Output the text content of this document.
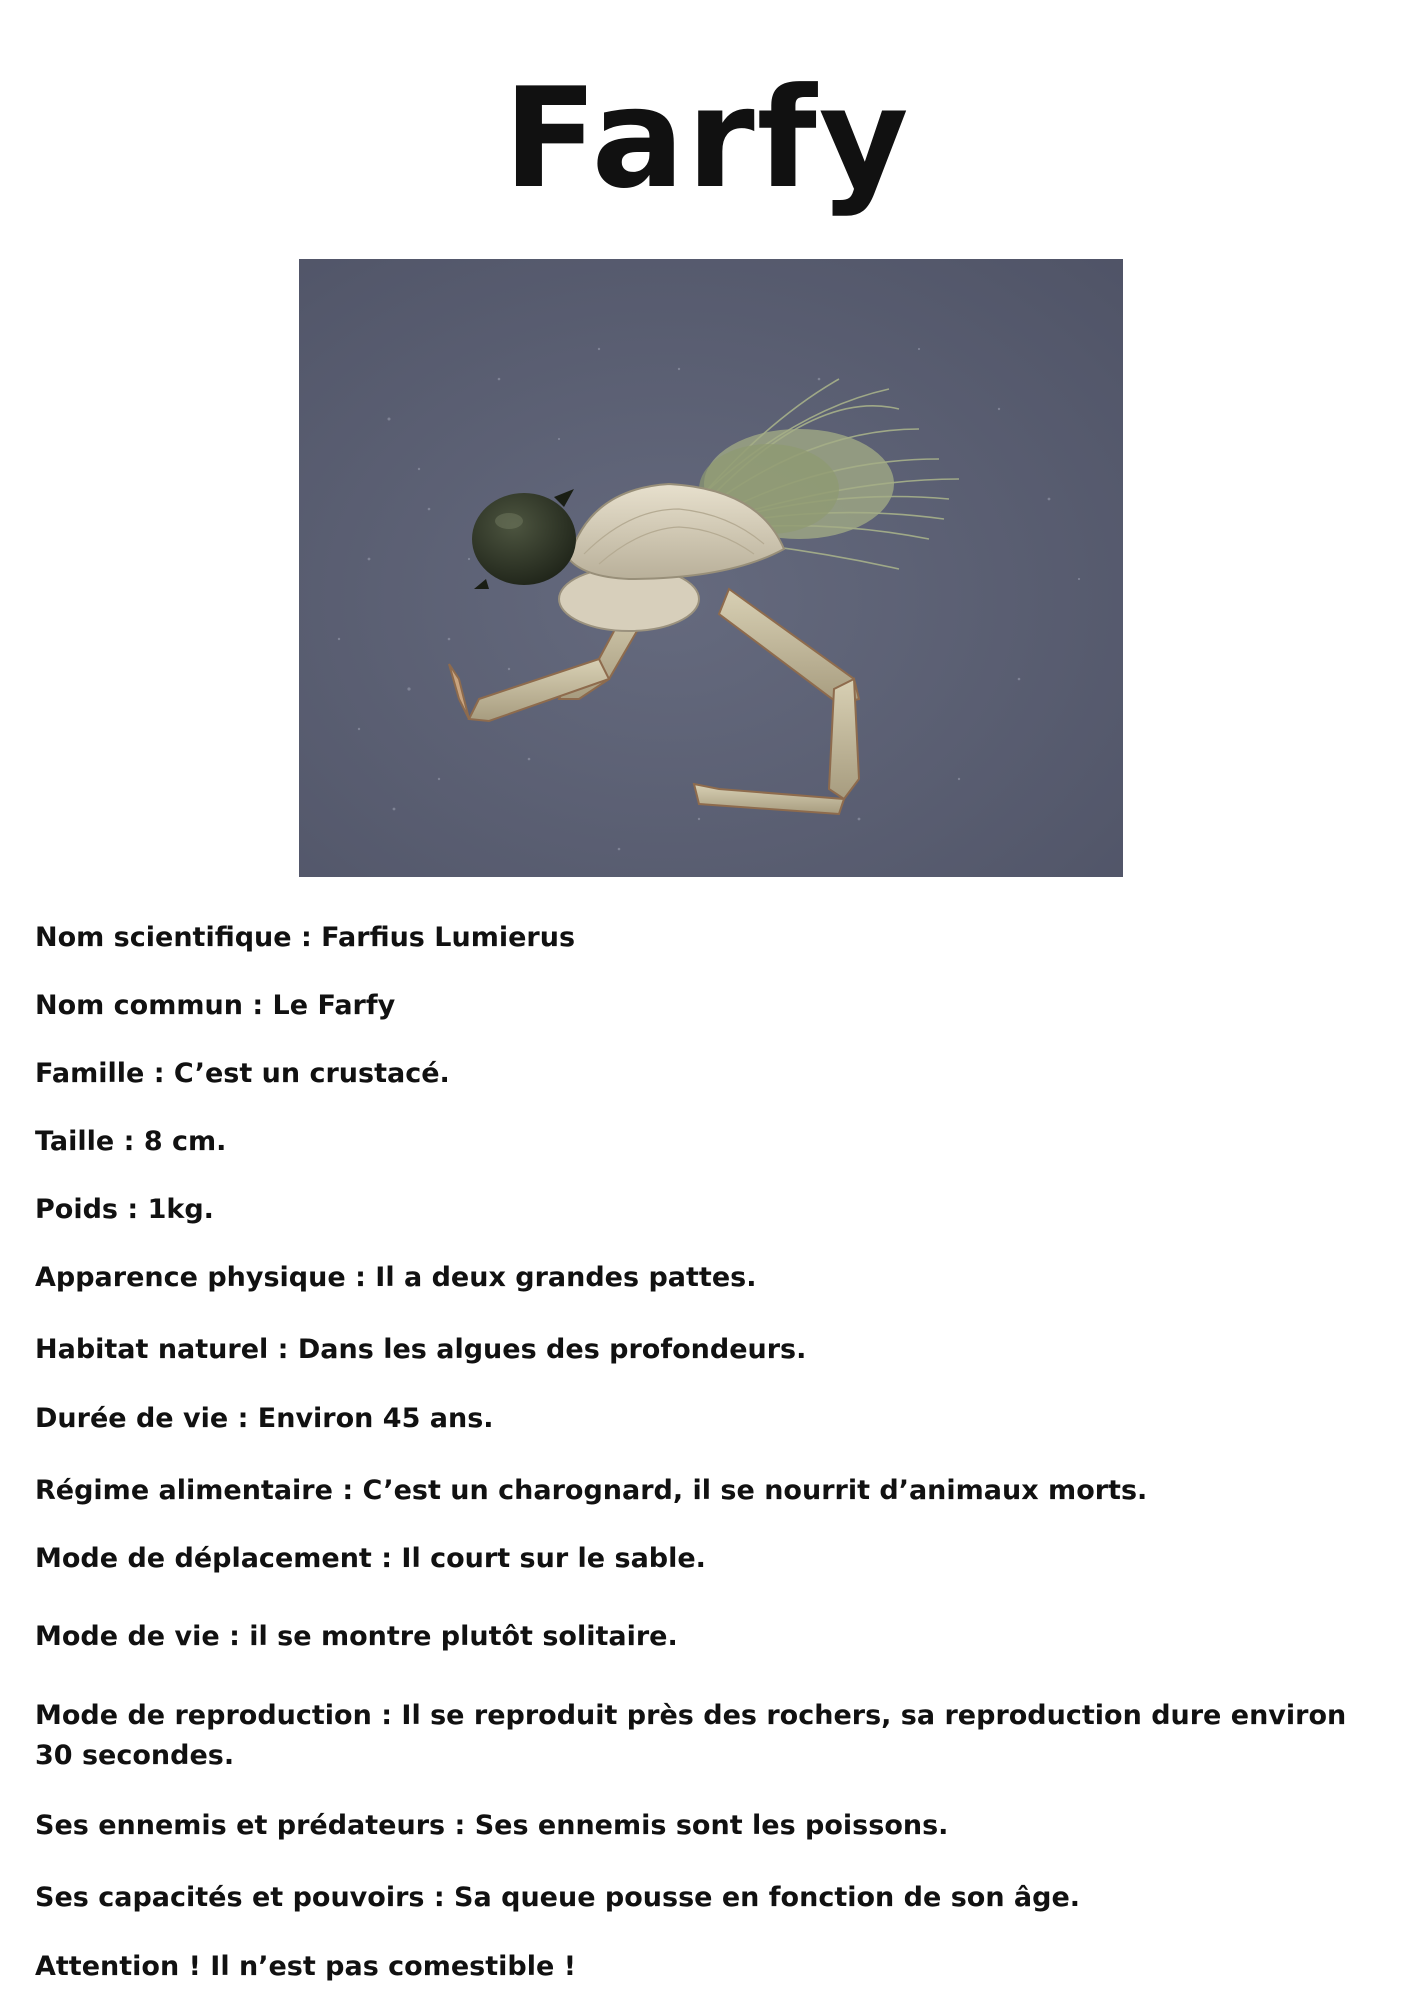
Farfy
Nom scientifique : Farfius Lumierus
Nom commun : Le Farfy
Famille : C’est un crustacé.
Taille : 8 cm.
Poids : 1kg.
Apparence physique : Il a deux grandes pattes.
Habitat naturel : Dans les algues des profondeurs.
Durée de vie : Environ 45 ans.
Régime alimentaire : C’est un charognard, il se nourrit d’animaux morts.
Mode de déplacement : Il court sur le sable.
Mode de vie : il se montre plutôt solitaire.
Mode de reproduction : Il se reproduit près des rochers, sa reproduction dure environ 30 secondes.
Ses ennemis et prédateurs : Ses ennemis sont les poissons.
Ses capacités et pouvoirs : Sa queue pousse en fonction de son âge.
Attention ! Il n’est pas comestible !
